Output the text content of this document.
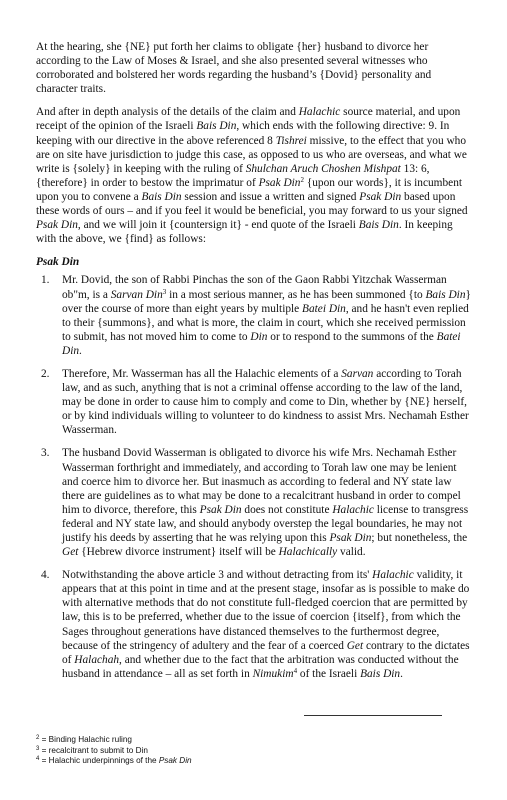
At the hearing, she {NE} put forth her claims to obligate {her} husband to divorce her according to the Law of Moses & Israel, and she also presented several witnesses who corroborated and bolstered her words regarding the husband’s {Dovid} personality and character traits.

And after in depth analysis of the details of the claim and Halachic source material, and upon receipt of the opinion of the Israeli Bais Din, which ends with the following directive: 9. In keeping with our directive in the above referenced 8 Tishrei missive, to the effect that you who are on site have jurisdiction to judge this case, as opposed to us who are overseas, and what we write is {solely} in keeping with the ruling of Shulchan Aruch Choshen Mishpat 13: 6, {therefore} in order to bestow the imprimatur of Psak Din$^2$ {upon our words}, it is incumbent upon you to convene a Bais Din session and issue a written and signed Psak Din based upon these words of ours – and if you feel it would be beneficial, you may forward to us your signed Psak Din, and we will join it {countersign it} - end quote of the Israeli Bais Din. In keeping with the above, we {find} as follows:

Psak Din

1. Mr. Dovid, the son of Rabbi Pinchas the son of the Gaon Rabbi Yitzchak Wasserman ob"m, is a Sarvan Din$^3$ in a most serious manner, as he has been summoned {to Bais Din} over the course of more than eight years by multiple Batei Din, and he hasn't even replied to their {summons}, and what is more, the claim in court, which she received permission to submit, has not moved him to come to Din or to respond to the summons of the Batei Din.
2. Therefore, Mr. Wasserman has all the Halachic elements of a Sarvan according to Torah law, and as such, anything that is not a criminal offense according to the law of the land, may be done in order to cause him to comply and come to Din, whether by {NE} herself, or by kind individuals willing to volunteer to do kindness to assist Mrs. Nechamah Esther Wasserman.
3. The husband Dovid Wasserman is obligated to divorce his wife Mrs. Nechamah Esther Wasserman forthright and immediately, and according to Torah law one may be lenient and coerce him to divorce her. But inasmuch as according to federal and NY state law there are guidelines as to what may be done to a recalcitrant husband in order to compel him to divorce, therefore, this Psak Din does not constitute Halachic license to transgress federal and NY state law, and should anybody overstep the legal boundaries, he may not justify his deeds by asserting that he was relying upon this Psak Din; but nonetheless, the Get {Hebrew divorce instrument} itself will be Halachically valid.
4. Notwithstanding the above article 3 and without detracting from its' Halachic validity, it appears that at this point in time and at the present stage, insofar as is possible to make do with alternative methods that do not constitute full-fledged coercion that are permitted by law, this is to be preferred, whether due to the issue of coercion {itself}, from which the Sages throughout generations have distanced themselves to the furthermost degree, because of the stringency of adultery and the fear of a coerced Get contrary to the dictates of Halachah, and whether due to the fact that the arbitration was conducted without the husband in attendance – all as set forth in Nimukim$^4$ of the Israeli Bais Din.
$^2$ = Binding Halachic ruling
$^3$ = recalcitrant to submit to Din
$^4$ = Halachic underpinnings of the Psak Din
